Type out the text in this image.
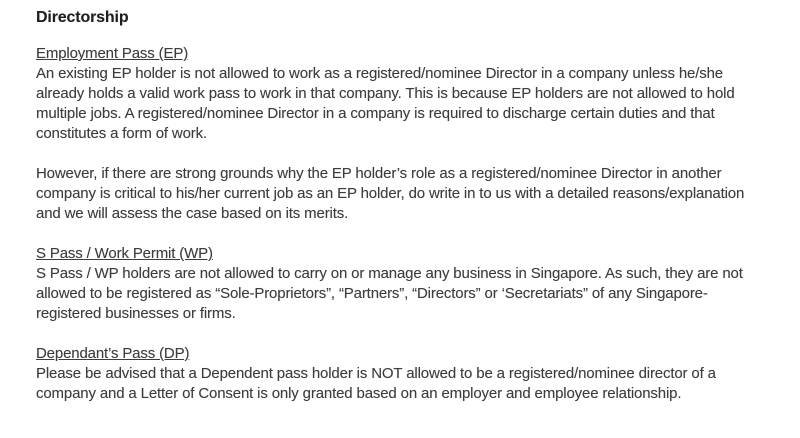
Directorship
Employment Pass (EP)

An existing EP holder is not allowed to work as a registered/nominee Director in a company unless he/she already holds a valid work pass to work in that company. This is because EP holders are not allowed to hold multiple jobs. A registered/nominee Director in a company is required to discharge certain duties and that constitutes a form of work.

However, if there are strong grounds why the EP holder’s role as a registered/nominee Director in another company is critical to his/her current job as an EP holder, do write in to us with a detailed reasons/explanation and we will assess the case based on its merits.

S Pass / Work Permit (WP)

S Pass / WP holders are not allowed to carry on or manage any business in Singapore. As such, they are not allowed to be registered as “Sole-Proprietors”, “Partners”, “Directors” or ‘Secretariats” of any Singapore-registered businesses or firms.

Dependant’s Pass (DP)

Please be advised that a Dependent pass holder is NOT allowed to be a registered/nominee director of a company and a Letter of Consent is only granted based on an employer and employee relationship.
